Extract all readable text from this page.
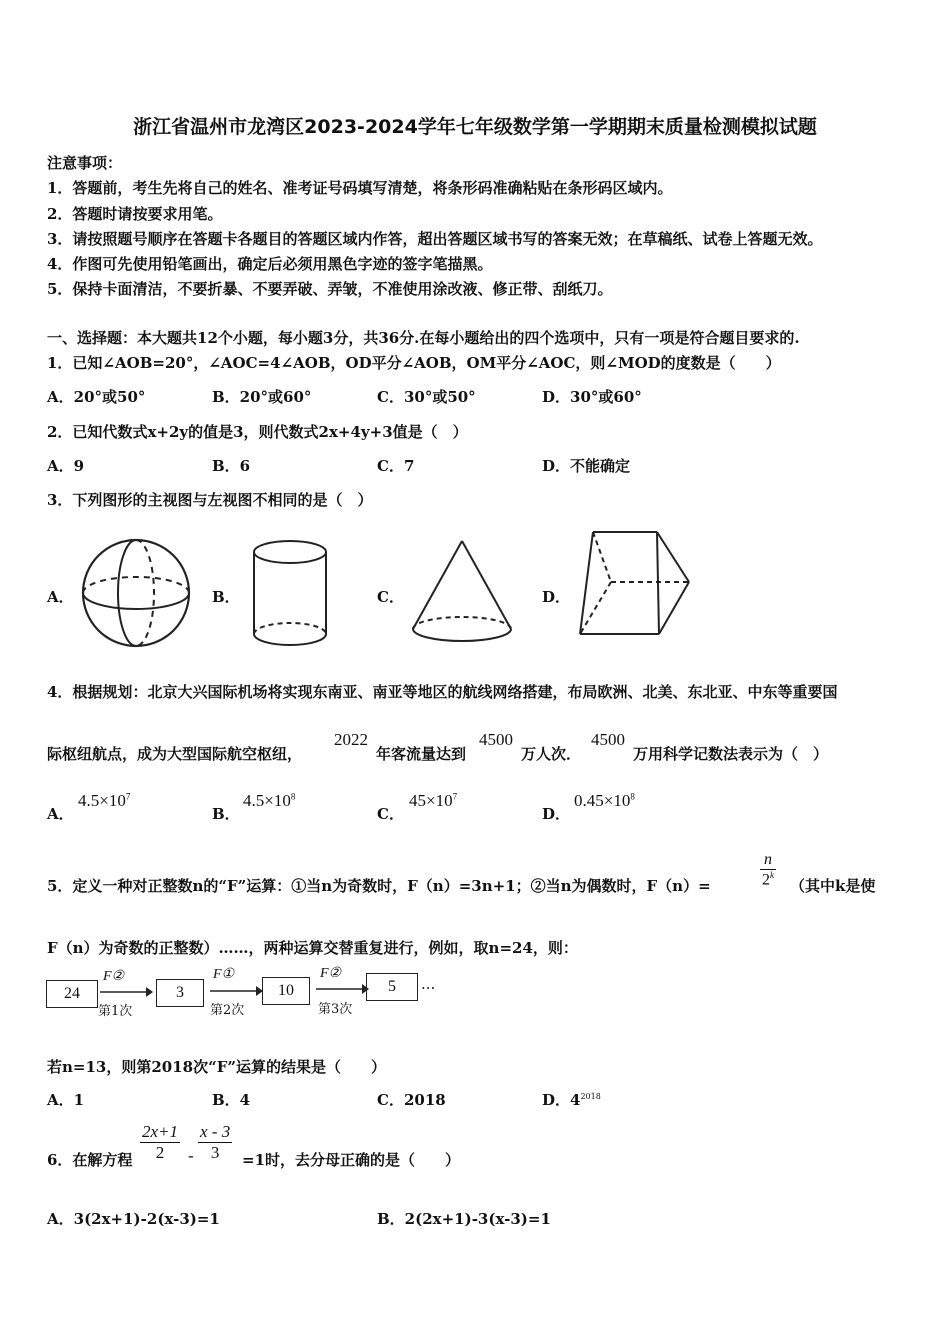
浙江省温州市龙湾区2023-2024学年七年级数学第一学期期末质量检测模拟试题
注意事项：
1．答题前，考生先将自己的姓名、准考证号码填写清楚，将条形码准确粘贴在条形码区域内。
2．答题时请按要求用笔。
3．请按照题号顺序在答题卡各题目的答题区域内作答，超出答题区域书写的答案无效；在草稿纸、试卷上答题无效。
4．作图可先使用铅笔画出，确定后必须用黑色字迹的签字笔描黑。
5．保持卡面清洁，不要折暴、不要弄破、弄皱，不准使用涂改液、修正带、刮纸刀。
一、选择题：本大题共12个小题，每小题3分，共36分.在每小题给出的四个选项中，只有一项是符合题目要求的.
1．已知∠AOB=20°，∠AOC=4∠AOB，OD平分∠AOB，OM平分∠AOC，则∠MOD的度数是（　　）
A．20°或50°	B．20°或60°	C．30°或50°	D．30°或60°
2．已知代数式x+2y的值是3，则代数式2x+4y+3值是（　）
A．9	B．6	C．7	D．不能确定
3．下列图形的主视图与左视图不相同的是（　）
A．	B．	C．	D．
4．根据规划：北京大兴国际机场将实现东南亚、南亚等地区的航线网络搭建，布局欧洲、北美、东北亚、中东等重要国
际枢纽航点，成为大型国际航空枢纽，
2022
年客流量达到
4500
万人次．
4500
万用科学记数法表示为（　）
A．
$4.5\times 10^7$
B．
$4.5\times 10^8$
C．
$45\times 10^7$
D．
$0.45\times 10^8$
5．定义一种对正整数n的“F”运算：①当n为奇数时，F（n）=3n+1；②当n为偶数时，F（n）=	$\frac{n}{2^k}$ （其中k是使
F（n）为奇数的正整数）……，两种运算交替重复进行，例如，取n=24，则：
24
F②
第1次
3
F①
第2次
10
F②
第3次
5	···
若n=13，则第2018次“F”运算的结果是（　　）
A．1	B．4	C．2018	D．$4^{2018}$
6．在解方程 $\frac{2x+1}{2} - \frac{x - 3}{3} =1$时，去分母正确的是（　　）
A．3(2x+1)-2(x-3)=1	B．2(2x+1)-3(x-3)=1
